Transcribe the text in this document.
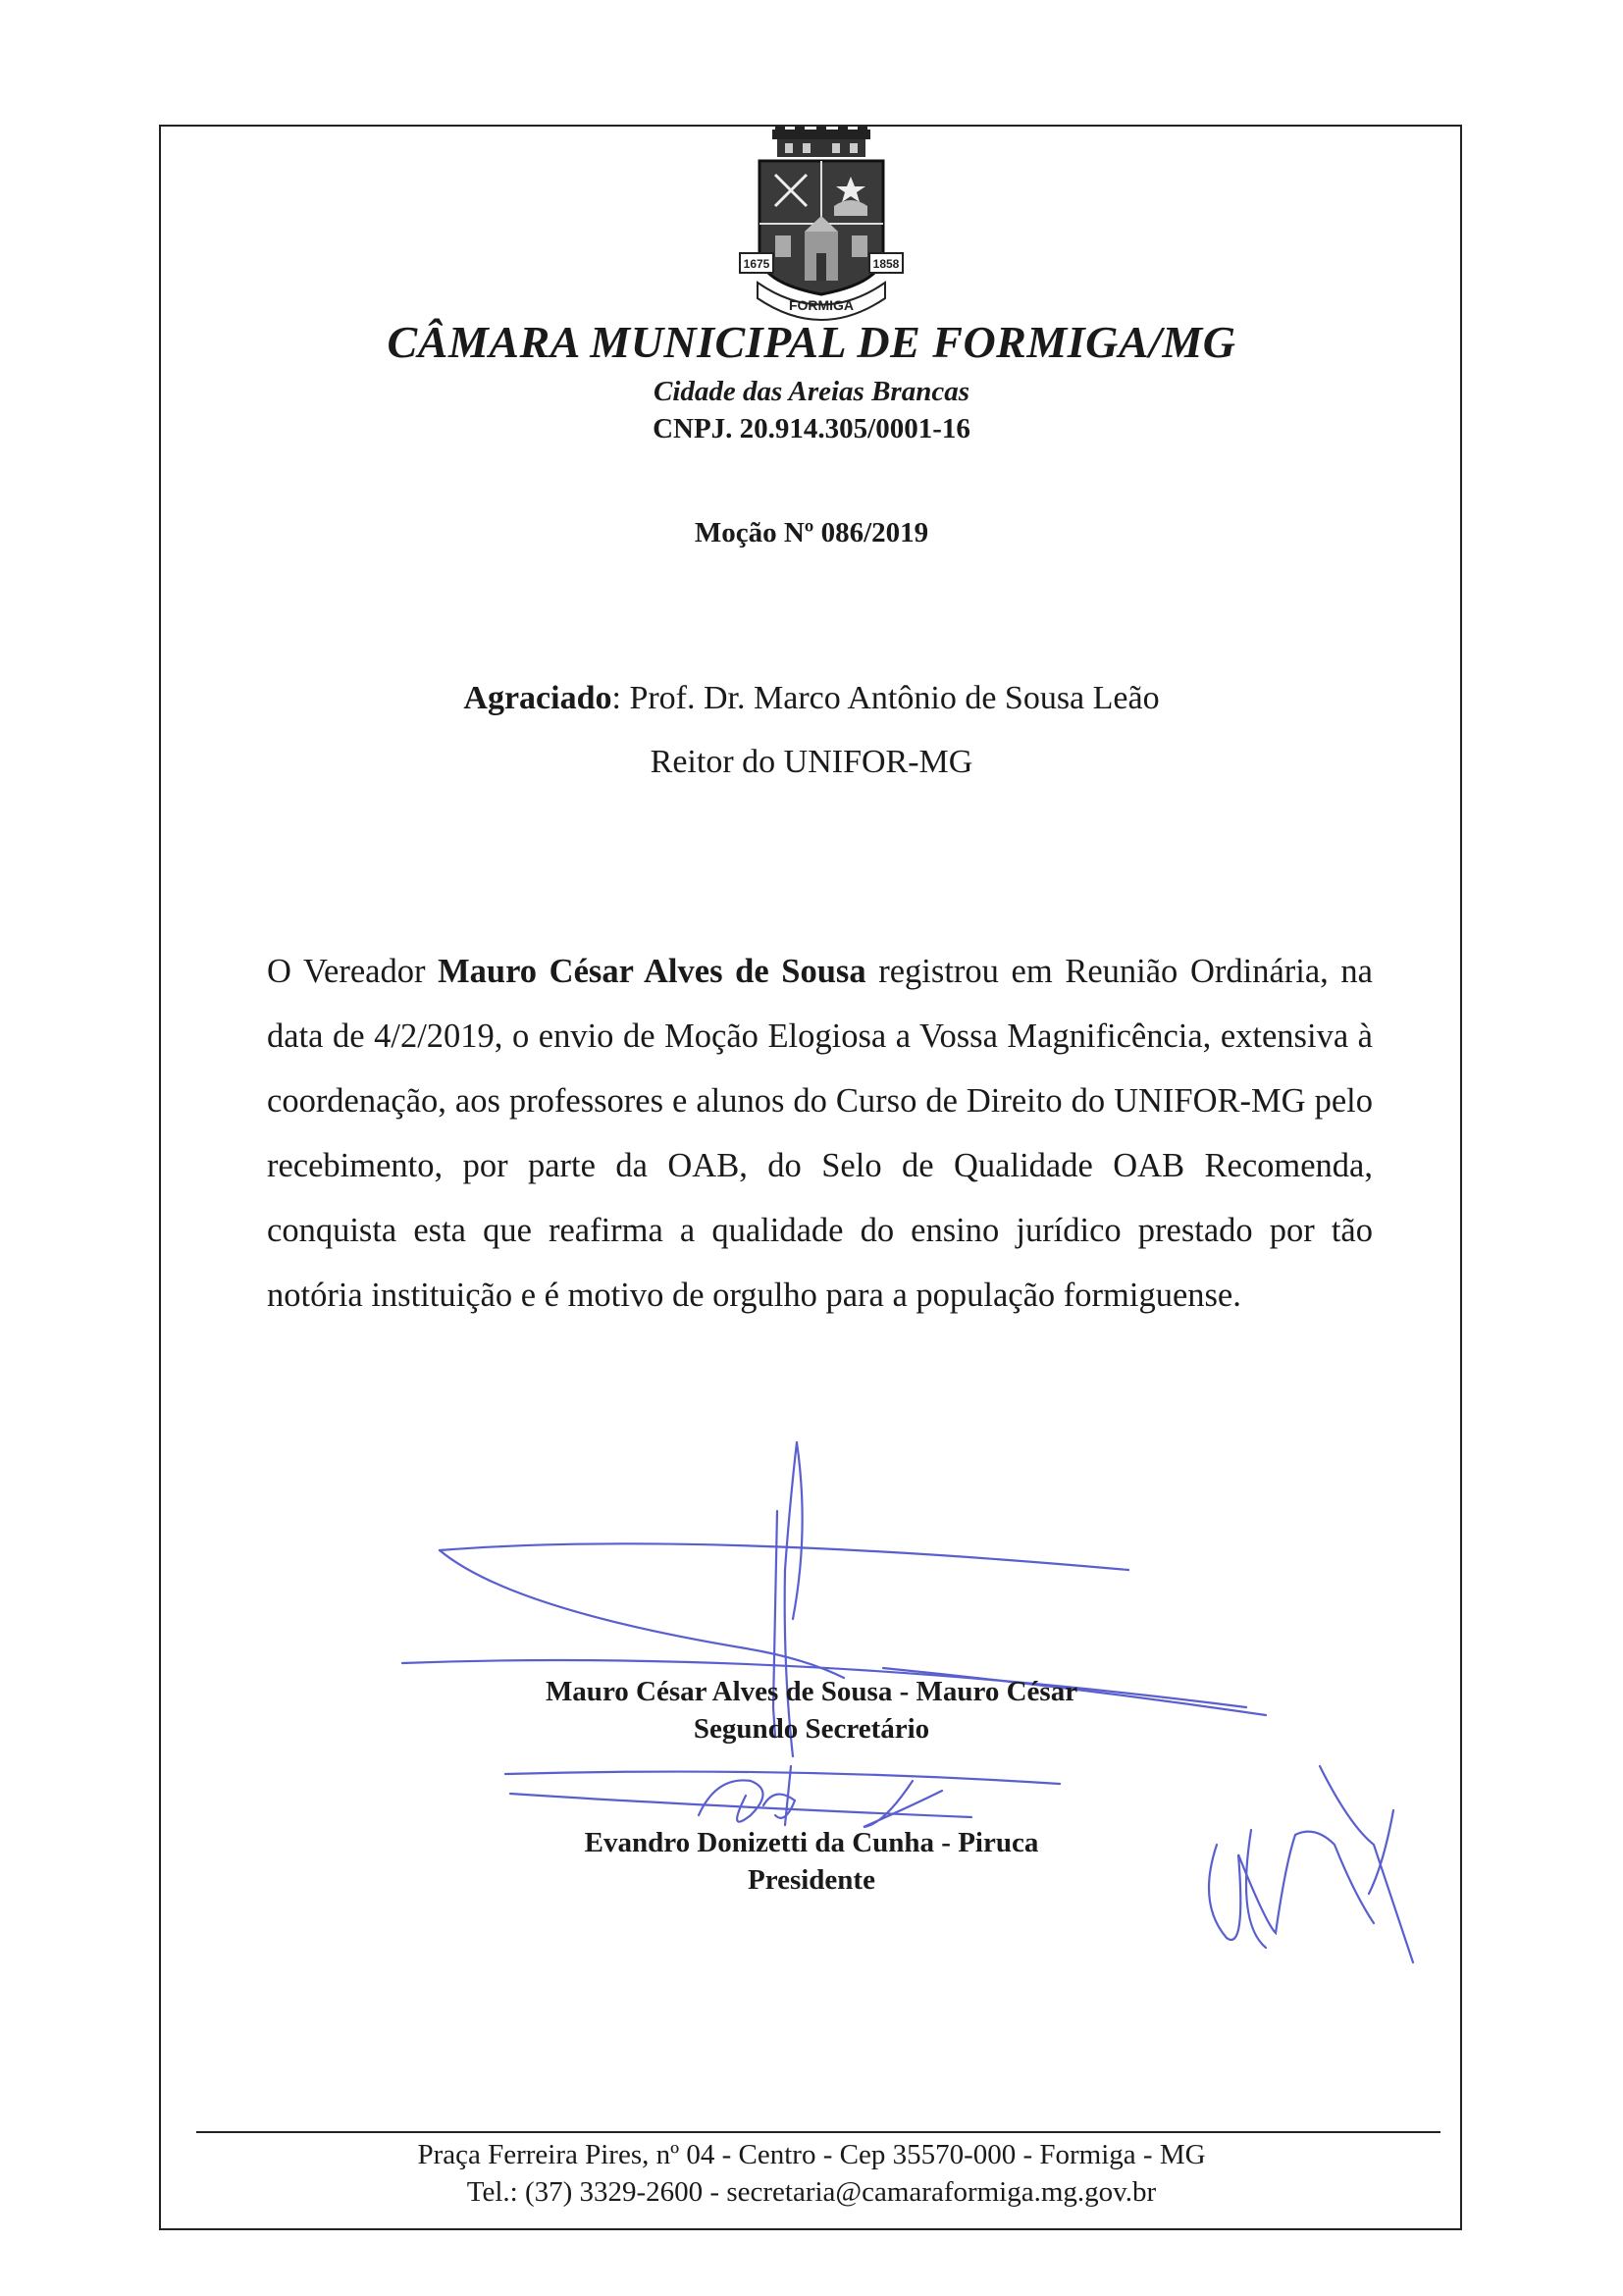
1675	1858
FORMIGA
CÂMARA MUNICIPAL DE FORMIGA/MG
Cidade das Areias Brancas
CNPJ. 20.914.305/0001-16
Moção Nº 086/2019
Agraciado: Prof. Dr. Marco Antônio de Sousa Leão
Reitor do UNIFOR-MG
O Vereador Mauro César Alves de Sousa registrou em Reunião Ordinária, na data de 4/2/2019, o envio de Moção Elogiosa a Vossa Magnificência, extensiva à coordenação, aos professores e alunos do Curso de Direito do UNIFOR-MG pelo recebimento, por parte da OAB, do Selo de Qualidade OAB Recomenda, conquista esta que reafirma a qualidade do ensino jurídico prestado por tão notória instituição e é motivo de orgulho para a população formiguense.
Mauro César Alves de Sousa - Mauro César
Segundo Secretário
Evandro Donizetti da Cunha - Piruca
Presidente
Praça Ferreira Pires, nº 04 - Centro - Cep 35570-000 - Formiga - MG
Tel.: (37) 3329-2600 - secretaria@camaraformiga.mg.gov.br
